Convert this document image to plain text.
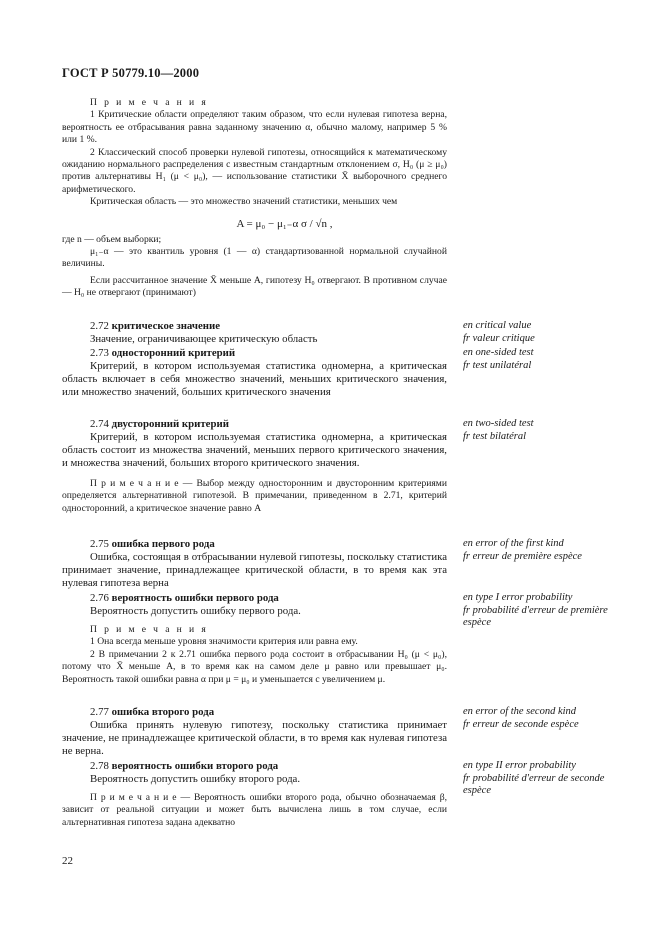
ГОСТ Р 50779.10—2000

П р и м е ч а н и я

1 Критические области определяют таким образом, что если нулевая гипотеза верна, вероятность ее отбрасывания равна заданному значению α, обычно малому, например 5 % или 1 %.

2 Классический способ проверки нулевой гипотезы, относящийся к математическому ожиданию нормального распределения с известным стандартным отклонением σ, H₀ (μ ≥ μ₀) против альтернативы H₁ (μ < μ₀), — использование статистики X̄ выборочного среднего арифметического.

Критическая область — это множество значений статистики, меньших чем

A = μ₀ − μ₁₋α σ / √n ,

где n — объем выборки;

μ₁₋α — это квантиль уровня (1 — α) стандартизованной нормальной случайной величины.

Если рассчитанное значение X̄ меньше A, гипотезу H₀ отвергают. В противном случае — H₀ не отвергают (принимают)

2.72 критическое значение

Значение, ограничивающее критическую область

en critical value

fr valeur critique

2.73 односторонний критерий

Критерий, в котором используемая статистика одномерна, а критическая область включает в себя множество значений, меньших критического значения, или множество значений, больших критического значения

en one-sided test

fr test unilatéral

2.74 двусторонний критерий

Критерий, в котором используемая статистика одномерна, а критическая область состоит из множества значений, меньших первого критического значения, и множества значений, больших второго критического значения.

П р и м е ч а н и е — Выбор между односторонним и двусторонним критериями определяется альтернативной гипотезой. В примечании, приведенном в 2.71, критерий односторонний, а критическое значение равно A

en two-sided test

fr test bilatéral

2.75 ошибка первого рода

Ошибка, состоящая в отбрасывании нулевой гипотезы, поскольку статистика принимает значение, принадлежащее критической области, в то время как эта нулевая гипотеза верна

en error of the first kind

fr erreur de première espèce

2.76 вероятность ошибки первого рода

Вероятность допустить ошибку первого рода.

П р и м е ч а н и я

1 Она всегда меньше уровня значимости критерия или равна ему.

2 В примечании 2 к 2.71 ошибка первого рода состоит в отбрасывании H₀ (μ < μ₀), потому что X̄ меньше A, в то время как на самом деле μ равно или превышает μ₀. Вероятность такой ошибки равна α при μ = μ₀ и уменьшается с увеличением μ.

en type I error probability

fr probabilité d'erreur de première espèce

2.77 ошибка второго рода

Ошибка принять нулевую гипотезу, поскольку статистика принимает значение, не принадлежащее критической области, в то время как нулевая гипотеза не верна.

en error of the second kind

fr erreur de seconde espèce

2.78 вероятность ошибки второго рода

Вероятность допустить ошибку второго рода.

П р и м е ч а н и е — Вероятность ошибки второго рода, обычно обозначаемая β, зависит от реальной ситуации и может быть вычислена лишь в том случае, если альтернативная гипотеза задана адекватно

en type II error probability

fr probabilité d'erreur de seconde espèce

22
